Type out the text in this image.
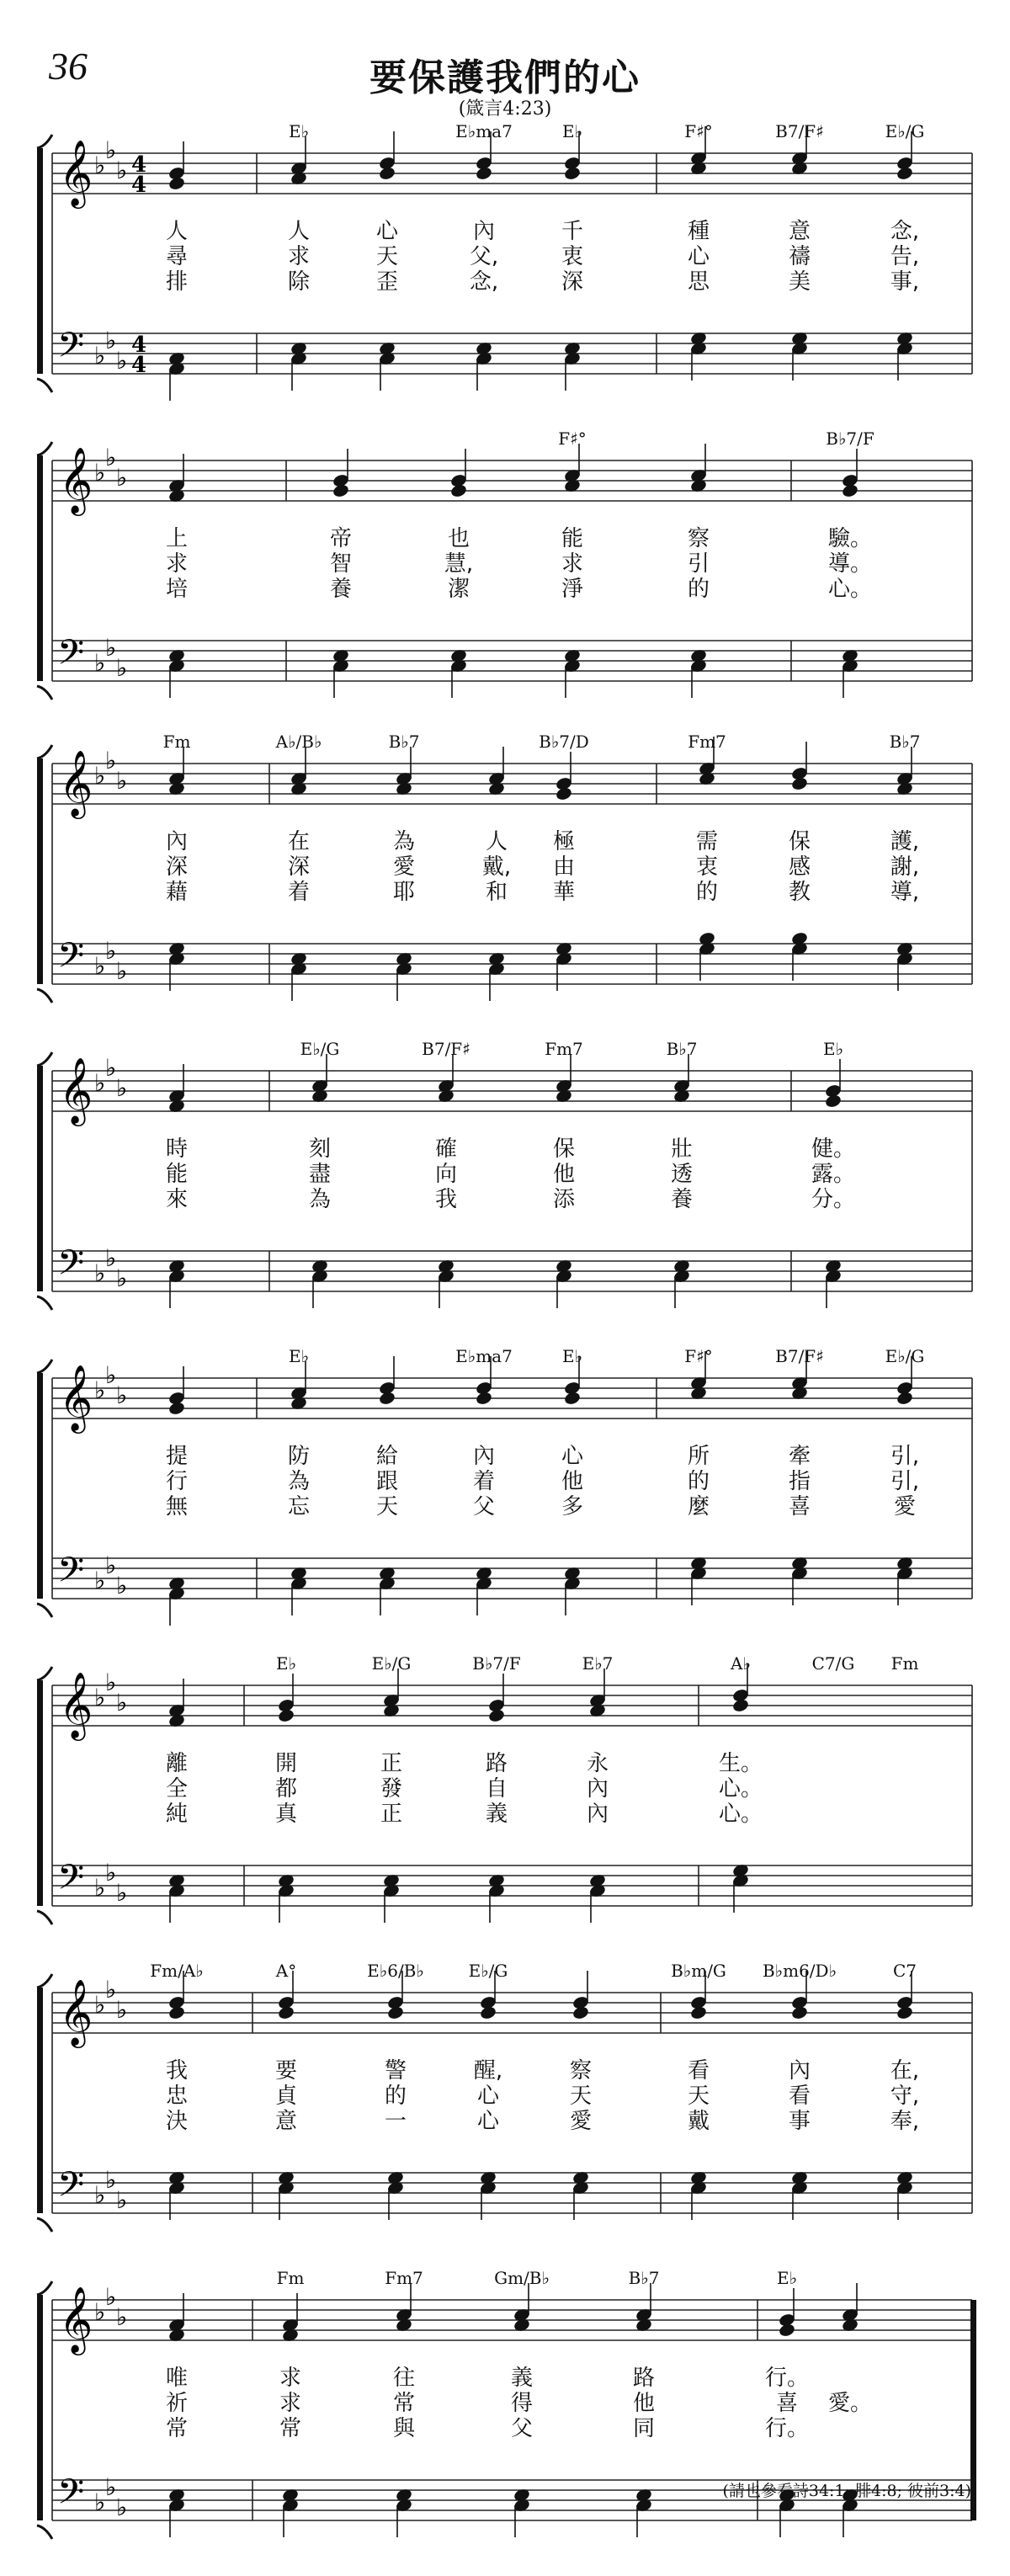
36	要保護我們的心
(箴言4:23)
𝄞
𝄢
♭
♭
♭
♭
♭
♭
4
4
4
4
E♭	E♭ma7	E♭	F♯°	B7/F♯	E♭/G
人	人	心	內	千	種	意	念,
尋	求	天	父,	衷	心	禱	告,
排	除	歪	念,	深	思	美	事,
𝄞
𝄢
♭
♭
♭
♭
♭
♭
F♯°	B♭7/F
上	帝	也	能	察	驗。
求	智	慧,	求	引	導。
培	養	潔	淨	的	心。
𝄞
𝄢
♭
♭
♭
♭
♭
♭
Fm	A♭/B♭	B♭7	B♭7/D	Fm7	B♭7
內	在	為	人 極	需	保	護,
深	深	愛	戴, 由	衷	感	謝,
藉	着	耶	和 華	的	教	導,
𝄞
𝄢
♭
♭
♭
♭
♭
♭
E♭/G	B7/F♯	Fm7	B♭7	E♭
時	刻	確	保	壯	健。
能	盡	向	他	透	露。
來	為	我	添	養	分。
𝄞
𝄢
♭
♭
♭
♭
♭
♭
E♭	E♭ma7	E♭	F♯°	B7/F♯	E♭/G
提	防	給	內	心	所	牽	引,
行	為	跟	着	他	的	指	引,
無	忘	天	父	多	麼	喜	愛
𝄞
𝄢
♭
♭
♭
♭
♭
♭
E♭	E♭/G	B♭7/F	E♭7	A♭	C7/G Fm
離	開	正	路	永	生。
全	都	發	自	內	心。
純	真	正	義	內	心。
𝄞
𝄢
♭
♭
♭
♭
♭
♭
Fm/A♭	A°	E♭6/B♭	E♭/G	B♭m/G B♭m6/D♭	C7
我	要	警	醒,	察	看	內	在,
忠	貞	的	心	天	天	看	守,
決	意	一	心	愛	戴	事	奉,
𝄞
𝄢
♭
♭
♭
♭
♭
♭
Fm	Fm7	Gm/B♭	B♭7	E♭
唯	求	往	義	路	行。
祈	求	常	得	他	喜 愛。
常	常	與	父	同	行。
(請也參看詩34:1; 腓4:8; 彼前3:4)
